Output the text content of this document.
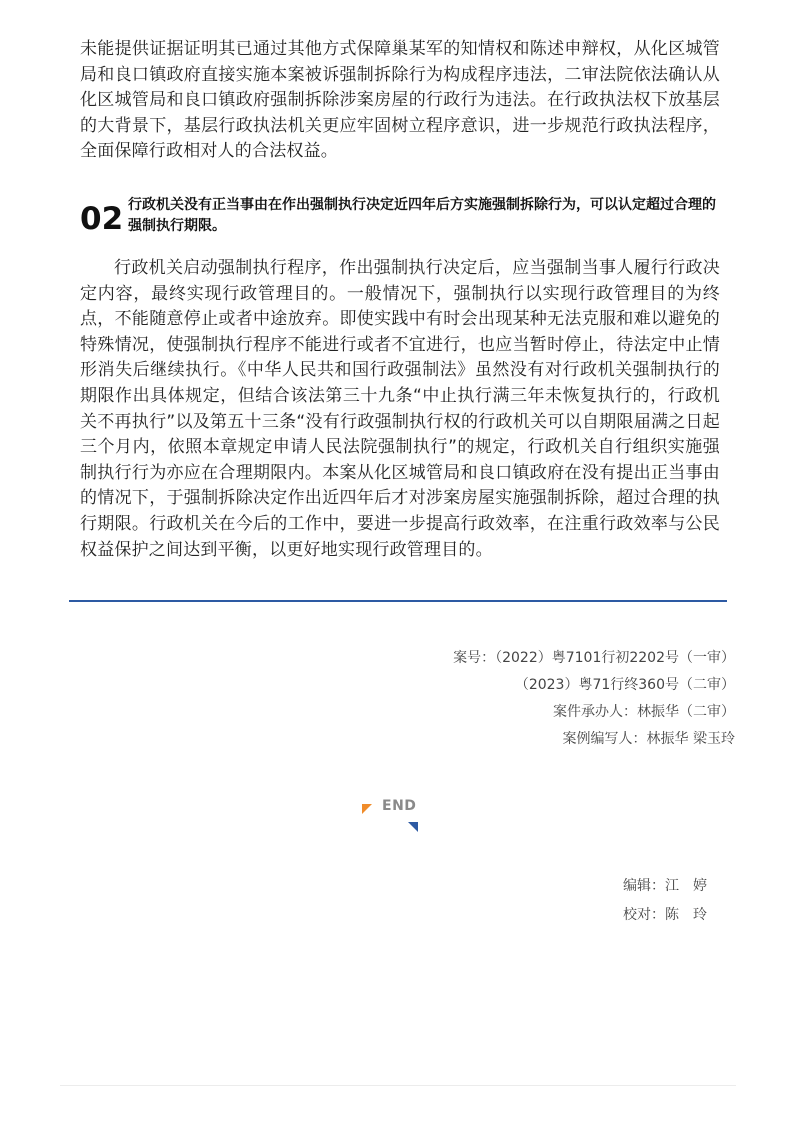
未能提供证据证明其已通过其他方式保障巢某军的知情权和陈述申辩权，从化区城管局和良口镇政府直接实施本案被诉强制拆除行为构成程序违法，二审法院依法确认从化区城管局和良口镇政府强制拆除涉案房屋的行政行为违法。在行政执法权下放基层的大背景下，基层行政执法机关更应牢固树立程序意识，进一步规范行政执法程序，全面保障行政相对人的合法权益。

02 行政机关没有正当事由在作出强制执行决定近四年后方实施强制拆除行为，可以认定超过合理的强制执行期限。

行政机关启动强制执行程序，作出强制执行决定后，应当强制当事人履行行政决定内容，最终实现行政管理目的。一般情况下，强制执行以实现行政管理目的为终点，不能随意停止或者中途放弃。即使实践中有时会出现某种无法克服和难以避免的特殊情况，使强制执行程序不能进行或者不宜进行，也应当暂时停止，待法定中止情形消失后继续执行。《中华人民共和国行政强制法》虽然没有对行政机关强制执行的期限作出具体规定，但结合该法第三十九条“中止执行满三年未恢复执行的，行政机关不再执行”以及第五十三条“没有行政强制执行权的行政机关可以自期限届满之日起三个月内，依照本章规定申请人民法院强制执行”的规定，行政机关自行组织实施强制执行行为亦应在合理期限内。本案从化区城管局和良口镇政府在没有提出正当事由的情况下，于强制拆除决定作出近四年后才对涉案房屋实施强制拆除，超过合理的执行期限。行政机关在今后的工作中，要进一步提高行政效率，在注重行政效率与公民权益保护之间达到平衡，以更好地实现行政管理目的。

案号：（2022）粤7101行初2202号（一审）

（2023）粤71行终360号（二审）

案件承办人：林振华（二审）

案例编写人：林振华 梁玉玲

END
编辑：江　婷
校对：陈　玲
